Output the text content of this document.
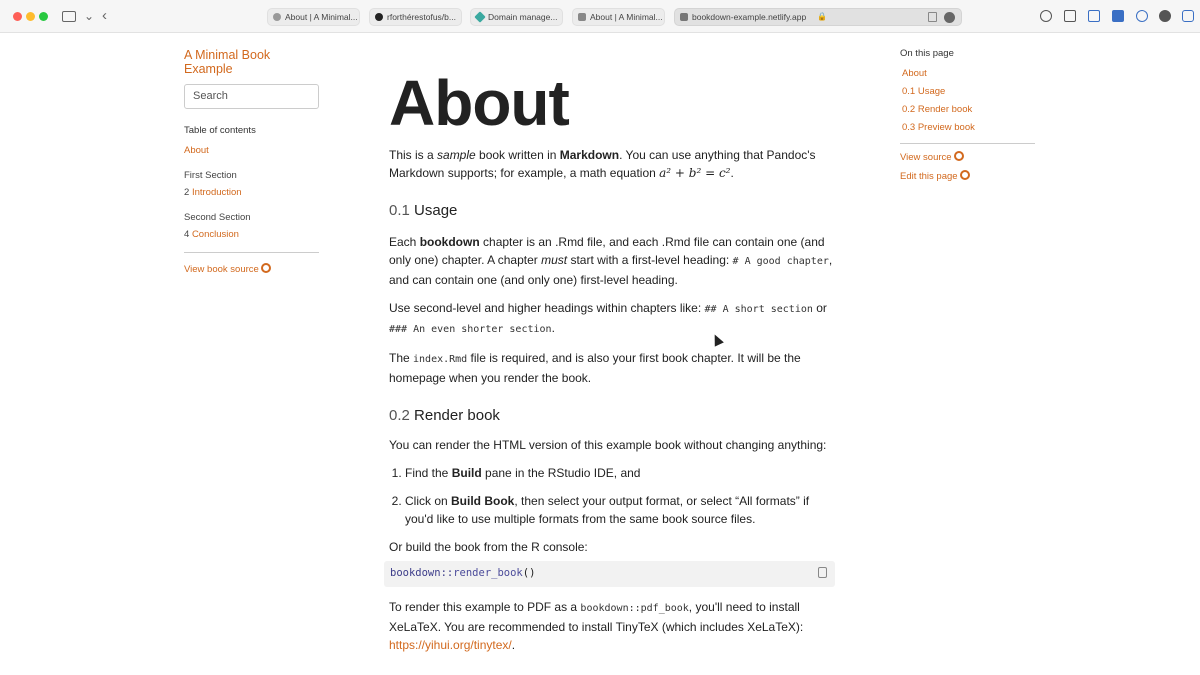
⌄ ‹	About | A Minimal...	rforthérestofus/b...	Domain manage...	About | A Minimal...	bookdown-example.netlify.app 🔒
A Minimal Book Example
Search
Table of contents
About
First Section
2 Introduction
Second Section
4 Conclusion
View book source
About

This is a sample book written in Markdown. You can use anything that Pandoc's Markdown supports; for example, a math equation a² + b² = c².

0.1 Usage

Each bookdown chapter is an .Rmd file, and each .Rmd file can contain one (and only one) chapter. A chapter must start with a first-level heading: # A good chapter, and can contain one (and only one) first-level heading.

Use second-level and higher headings within chapters like: ## A short section or ### An even shorter section.

The index.Rmd file is required, and is also your first book chapter. It will be the homepage when you render the book.

0.2 Render book

You can render the HTML version of this example book without changing anything:

1. Find the Build pane in the RStudio IDE, and
2. Click on Build Book, then select your output format, or select “All formats” if you'd like to use multiple formats from the same book source files.

Or build the book from the R console:

bookdown::render_book()

To render this example to PDF as a bookdown::pdf_book, you'll need to install XeLaTeX. You are recommended to install TinyTeX (which includes XeLaTeX): https://yihui.org/tinytex/.

On this page
About
0.1 Usage
0.2 Render book
0.3 Preview book
View source
Edit this page
